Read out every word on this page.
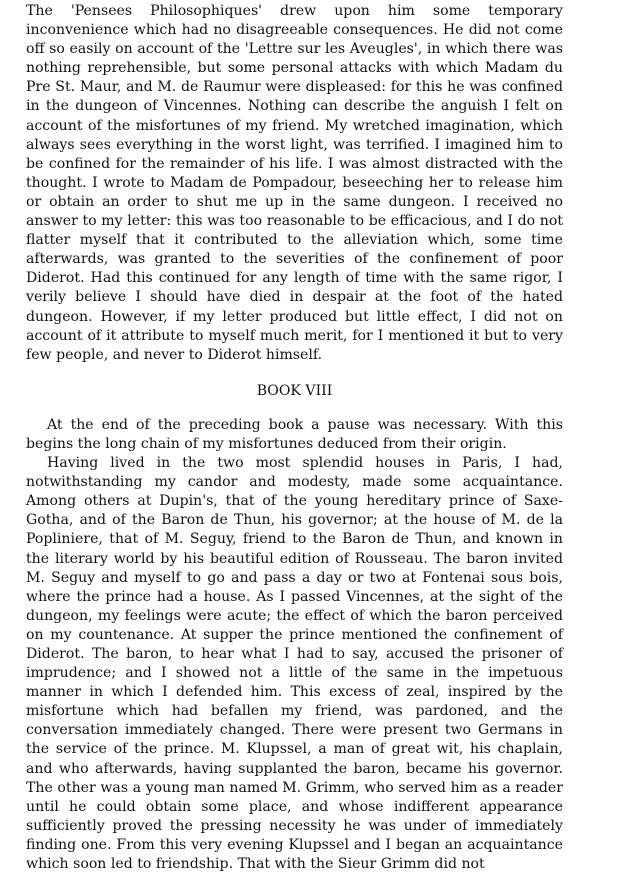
The 'Pensees Philosophiques' drew upon him some temporary inconvenience which had no disagreeable consequences. He did not come off so easily on account of the 'Lettre sur les Aveugles', in which there was nothing reprehensible, but some personal attacks with which Madam du Pre St. Maur, and M. de Raumur were displeased: for this he was confined in the dungeon of Vincennes. Nothing can describe the anguish I felt on account of the misfortunes of my friend. My wretched imagination, which always sees everything in the worst light, was terrified. I imagined him to be confined for the remainder of his life. I was almost distracted with the thought. I wrote to Madam de Pompadour, beseeching her to release him or obtain an order to shut me up in the same dungeon. I received no answer to my letter: this was too reasonable to be efficacious, and I do not flatter myself that it contributed to the alleviation which, some time afterwards, was granted to the severities of the confinement of poor Diderot. Had this continued for any length of time with the same rigor, I verily believe I should have died in despair at the foot of the hated dungeon. However, if my letter produced but little effect, I did not on account of it attribute to myself much merit, for I mentioned it but to very few people, and never to Diderot himself.

BOOK VIII

At the end of the preceding book a pause was necessary. With this begins the long chain of my misfortunes deduced from their origin.

Having lived in the two most splendid houses in Paris, I had, notwithstanding my candor and modesty, made some acquaintance. Among others at Dupin's, that of the young hereditary prince of Saxe-Gotha, and of the Baron de Thun, his governor; at the house of M. de la Popliniere, that of M. Seguy, friend to the Baron de Thun, and known in the literary world by his beautiful edition of Rousseau. The baron invited M. Seguy and myself to go and pass a day or two at Fontenai sous bois, where the prince had a house. As I passed Vincennes, at the sight of the dungeon, my feelings were acute; the effect of which the baron perceived on my countenance. At supper the prince mentioned the confinement of Diderot. The baron, to hear what I had to say, accused the prisoner of imprudence; and I showed not a little of the same in the impetuous manner in which I defended him. This excess of zeal, inspired by the misfortune which had befallen my friend, was pardoned, and the conversation immediately changed. There were present two Germans in the service of the prince. M. Klupssel, a man of great wit, his chaplain, and who afterwards, having supplanted the baron, became his governor. The other was a young man named M. Grimm, who served him as a reader until he could obtain some place, and whose indifferent appearance sufficiently proved the pressing necessity he was under of immediately finding one. From this very evening Klupssel and I began an acquaintance which soon led to friendship. That with the Sieur Grimm did not
